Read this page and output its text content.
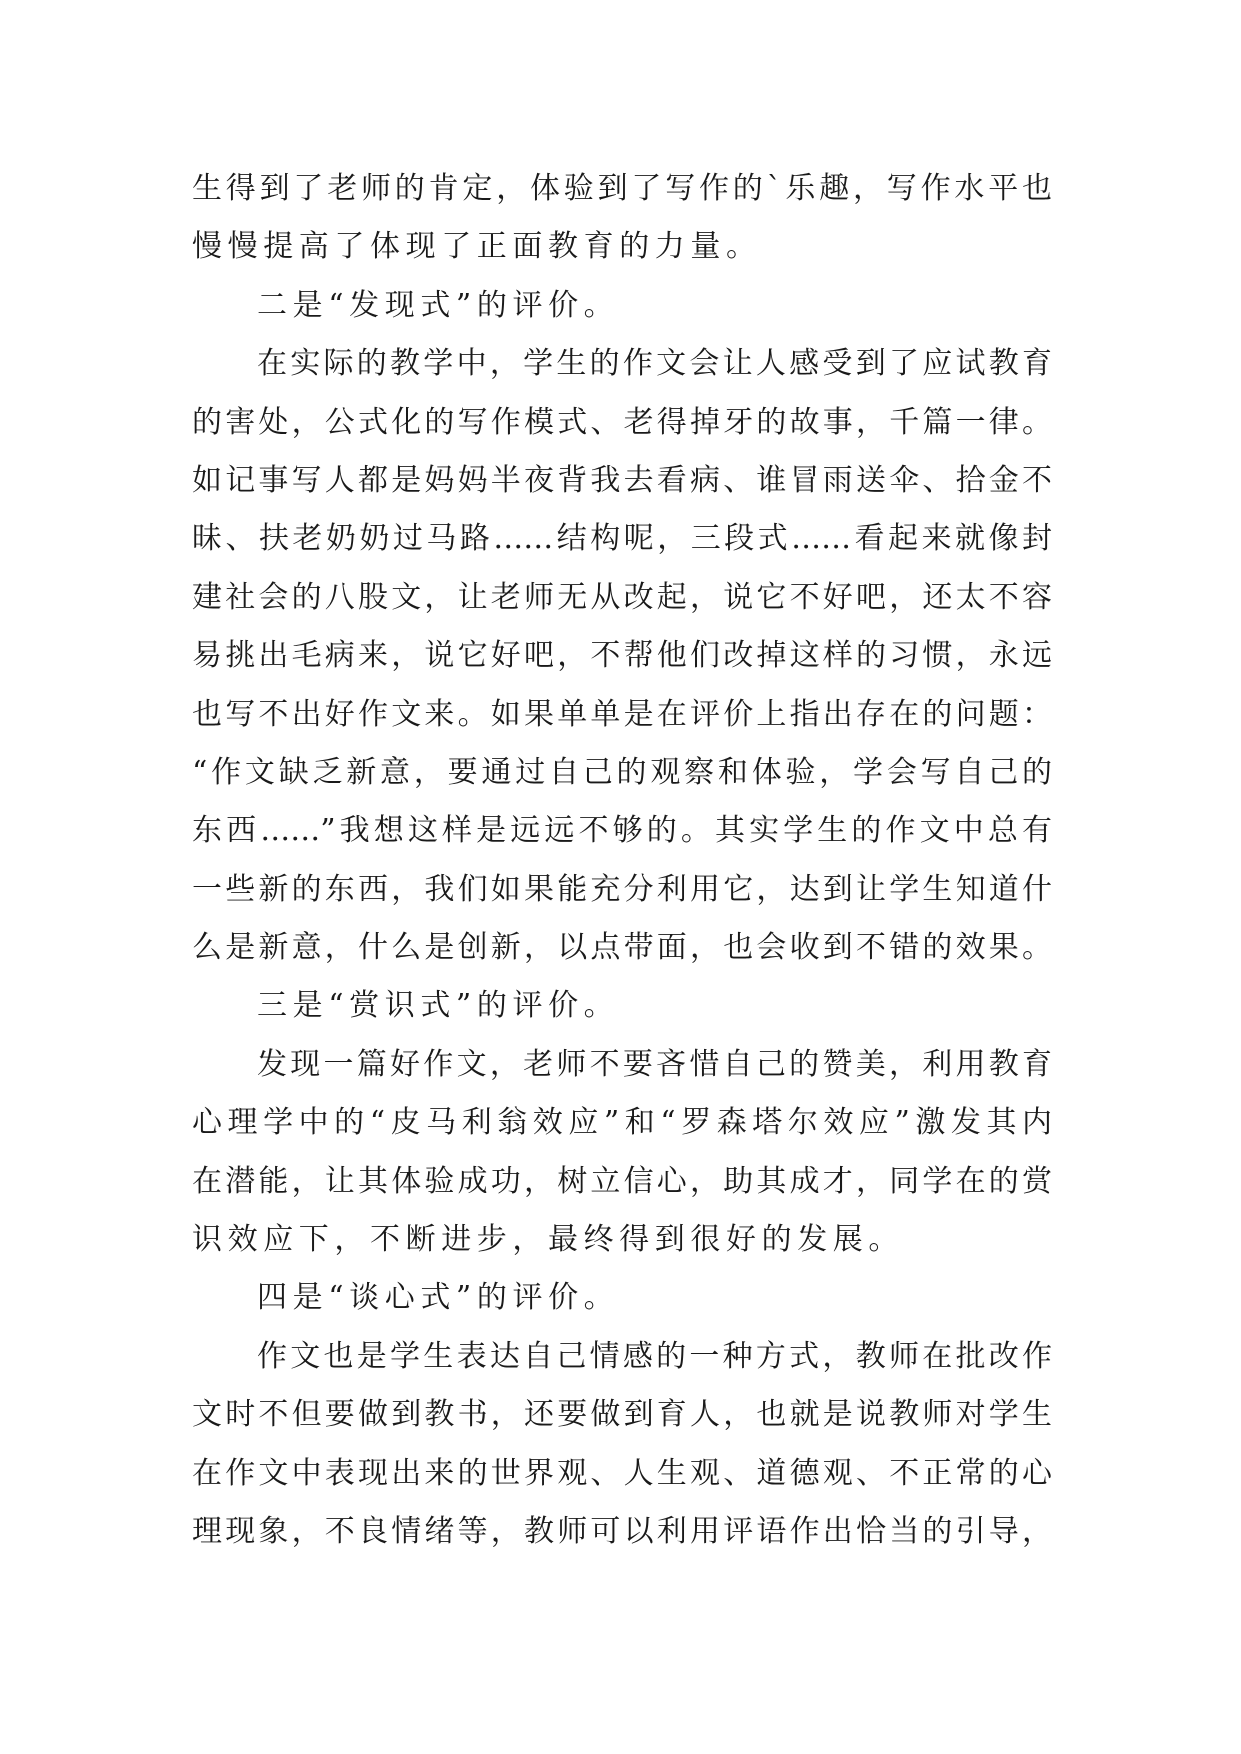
生得到了老师的肯定，体验到了写作的`乐趣，写作水平也
慢慢提高了体现了正面教育的力量。
二是“发现式”的评价。
在实际的教学中，学生的作文会让人感受到了应试教育
的害处，公式化的写作模式、老得掉牙的故事，千篇一律。
如记事写人都是妈妈半夜背我去看病、谁冒雨送伞、拾金不
昧、扶老奶奶过马路……结构呢，三段式……看起来就像封
建社会的八股文，让老师无从改起，说它不好吧，还太不容
易挑出毛病来，说它好吧，不帮他们改掉这样的习惯，永远
也写不出好作文来。如果单单是在评价上指出存在的问题：
“作文缺乏新意，要通过自己的观察和体验，学会写自己的
东西……”我想这样是远远不够的。其实学生的作文中总有
一些新的东西，我们如果能充分利用它，达到让学生知道什
么是新意，什么是创新，以点带面，也会收到不错的效果。
三是“赏识式”的评价。
发现一篇好作文，老师不要吝惜自己的赞美，利用教育
心理学中的“皮马利翁效应”和“罗森塔尔效应”激发其内
在潜能，让其体验成功，树立信心，助其成才，同学在的赏
识效应下，不断进步，最终得到很好的发展。
四是“谈心式”的评价。
作文也是学生表达自己情感的一种方式，教师在批改作
文时不但要做到教书，还要做到育人，也就是说教师对学生
在作文中表现出来的世界观、人生观、道德观、不正常的心
理现象，不良情绪等，教师可以利用评语作出恰当的引导，
